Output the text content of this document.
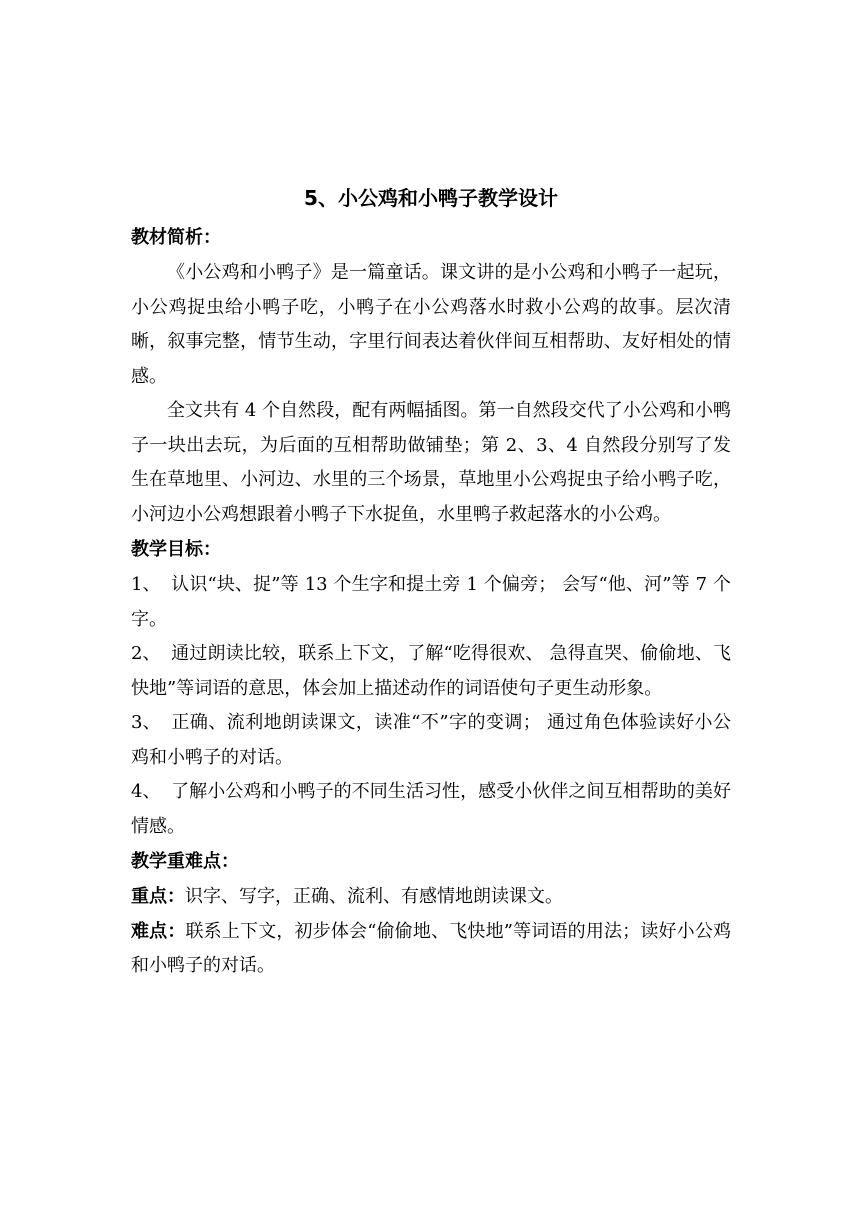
5、小公鸡和小鸭子教学设计

教材简析：

《小公鸡和小鸭子》是一篇童话。课文讲的是小公鸡和小鸭子一起玩，小公鸡捉虫给小鸭子吃，小鸭子在小公鸡落水时救小公鸡的故事。层次清晰，叙事完整，情节生动，字里行间表达着伙伴间互相帮助、友好相处的情感。

全文共有 4 个自然段，配有两幅插图。第一自然段交代了小公鸡和小鸭子一块出去玩，为后面的互相帮助做铺垫；第 2、3、4 自然段分别写了发生在草地里、小河边、水里的三个场景，草地里小公鸡捉虫子给小鸭子吃，小河边小公鸡想跟着小鸭子下水捉鱼，水里鸭子救起落水的小公鸡。

教学目标：

1、 认识“块、捉”等 13 个生字和提土旁 1 个偏旁； 会写“他、河”等 7 个字。

2、 通过朗读比较，联系上下文，了解“吃得很欢、 急得直哭、偷偷地、飞快地”等词语的意思，体会加上描述动作的词语使句子更生动形象。

3、 正确、流利地朗读课文，读准“不”字的变调； 通过角色体验读好小公鸡和小鸭子的对话。

4、 了解小公鸡和小鸭子的不同生活习性，感受小伙伴之间互相帮助的美好情感。

教学重难点：

重点：识字、写字，正确、流利、有感情地朗读课文。

难点：联系上下文，初步体会“偷偷地、飞快地”等词语的用法；读好小公鸡和小鸭子的对话。
